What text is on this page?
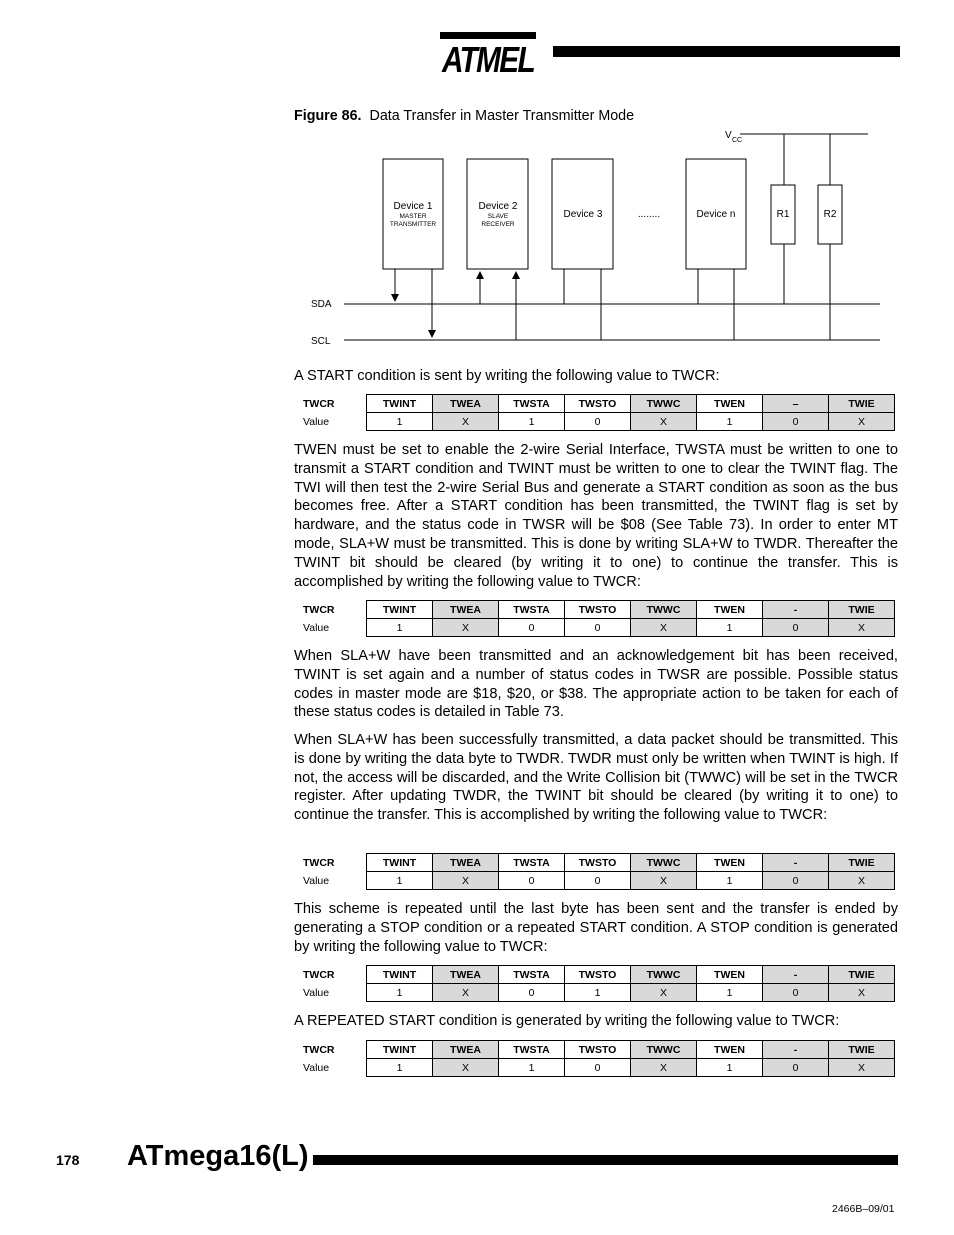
ATMEL
Figure 86. Data Transfer in Master Transmitter Mode
Device 1
MASTER
TRANSMITTER
Device 2
SLAVE
RECEIVER
Device 3	Device n
........	R1	R2
V CC
SDA
SCL
A START condition is sent by writing the following value to TWCR:
TWCR	TWINT	TWEA	TWSTA	TWSTO	TWWC	TWEN	–	TWIE
Value	1	X	1	0	X	1	0	X
TWEN must be set to enable the 2-wire Serial Interface, TWSTA must be written to one to transmit a START condition and TWINT must be written to one to clear the TWINT flag. The TWI will then test the 2-wire Serial Bus and generate a START condition as soon as the bus becomes free. After a START condition has been transmitted, the TWINT flag is set by hardware, and the status code in TWSR will be $08 (See Table 73). In order to enter MT mode, SLA+W must be transmitted. This is done by writing SLA+W to TWDR. Thereafter the TWINT bit should be cleared (by writing it to one) to continue the transfer. This is accomplished by writing the following value to TWCR:
TWCR	TWINT	TWEA	TWSTA	TWSTO	TWWC	TWEN	-	TWIE
Value	1	X	0	0	X	1	0	X
When SLA+W have been transmitted and an acknowledgement bit has been received, TWINT is set again and a number of status codes in TWSR are possible. Possible status codes in master mode are $18, $20, or $38. The appropriate action to be taken for each of these status codes is detailed in Table 73.
When SLA+W has been successfully transmitted, a data packet should be transmitted. This is done by writing the data byte to TWDR. TWDR must only be written when TWINT is high. If not, the access will be discarded, and the Write Collision bit (TWWC) will be set in the TWCR register. After updating TWDR, the TWINT bit should be cleared (by writing it to one) to continue the transfer. This is accomplished by writing the following value to TWCR:
TWCR	TWINT	TWEA	TWSTA	TWSTO	TWWC	TWEN	-	TWIE
Value	1	X	0	0	X	1	0	X
This scheme is repeated until the last byte has been sent and the transfer is ended by generating a STOP condition or a repeated START condition. A STOP condition is generated by writing the following value to TWCR:
TWCR	TWINT	TWEA	TWSTA	TWSTO	TWWC	TWEN	-	TWIE
Value	1	X	0	1	X	1	0	X
A REPEATED START condition is generated by writing the following value to TWCR:
TWCR	TWINT	TWEA	TWSTA	TWSTO	TWWC	TWEN	-	TWIE
Value	1	X	1	0	X	1	0	X
178 ATmega16(L)
2466B–09/01
